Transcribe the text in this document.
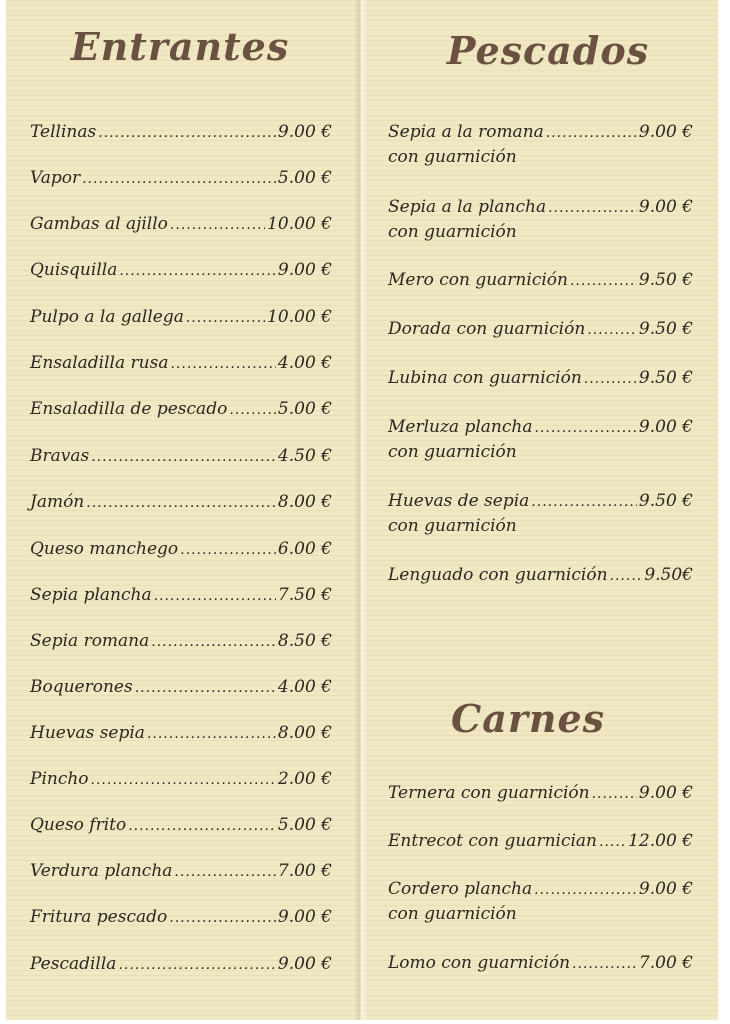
Entrantes
Tellinas .....	9.00 €
Vapor .....	5.00 €
Gambas al ajillo .....	10.00 €
Quisquilla .....	9.00 €
Pulpo a la gallega .....	10.00 €
Ensaladilla rusa .....	4.00 €
Ensaladilla de pescado .....	5.00 €
Bravas .....	4.50 €
Jamón .....	8.00 €
Queso manchego .....	6.00 €
Sepia plancha .....	7.50 €
Sepia romana .....	8.50 €
Boquerones .....	4.00 €
Huevas sepia .....	8.00 €
Pincho .....	2.00 €
Queso frito .....	5.00 €
Verdura plancha .....	7.00 €
Fritura pescado .....	9.00 €
Pescadilla .....	9.00 €
Pescados
Sepia a la romana .....	9.00 €
con guarnición
Sepia a la plancha .....	9.00 €
con guarnición
Mero con guarnición .....	9.50 €
Dorada con guarnición .....	9.50 €
Lubina con guarnición .....	9.50 €
Merluza plancha .....	9.00 €
con guarnición
Huevas de sepia .....	9.50 €
con guarnición
Lenguado con guarnición ..... 9.50€
Carnes
Ternera con guarnición .....	9.00 €
Entrecot con guarnician ..... 12.00 €
Cordero plancha .....	9.00 €
con guarnición
Lomo con guarnición .....	7.00 €
